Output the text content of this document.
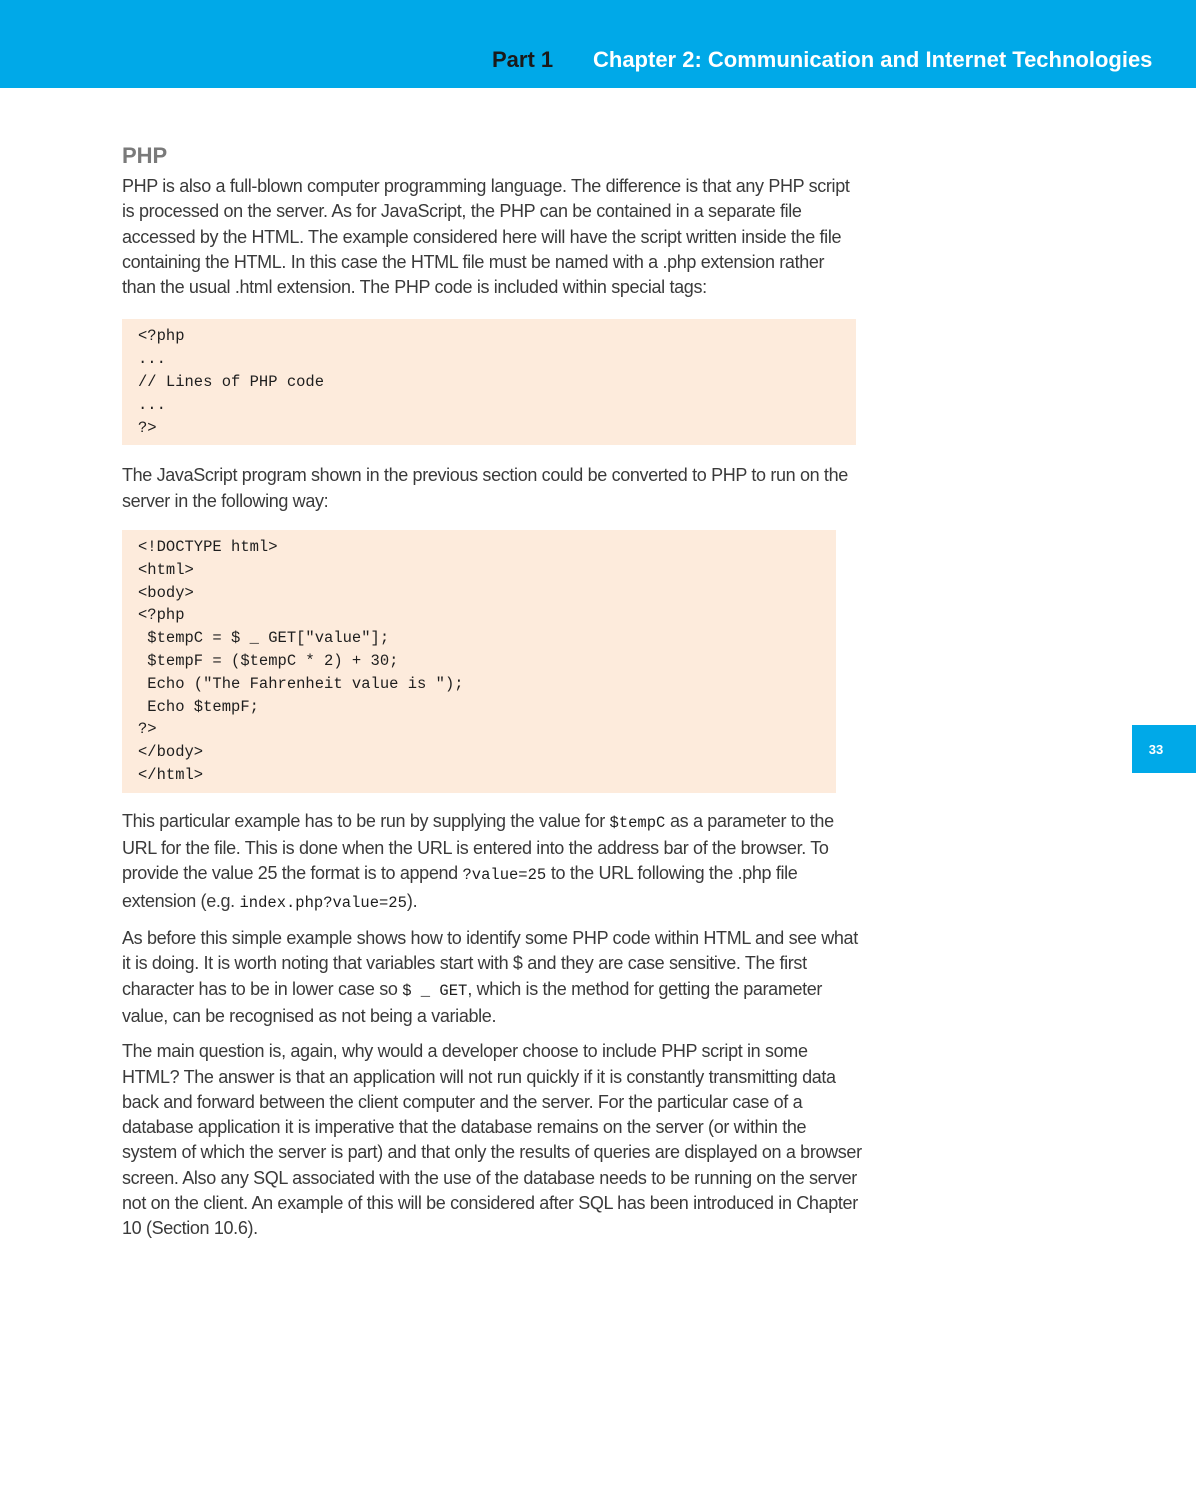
Part 1 Chapter 2: Communication and Internet Technologies
33
PHP

PHP is also a full-blown computer programming language. The difference is that any PHP script is processed on the server. As for JavaScript, the PHP can be contained in a separate file accessed by the HTML. The example considered here will have the script written inside the file containing the HTML. In this case the HTML file must be named with a .php extension rather than the usual .html extension. The PHP code is included within special tags:

<?php
...
// Lines of PHP code
...
?>

The JavaScript program shown in the previous section could be converted to PHP to run on the server in the following way:

<!DOCTYPE html>
<html>
<body>
<?php
$tempC = $ _ GET["value"];
$tempF = ($tempC * 2) + 30;
Echo ("The Fahrenheit value is ");
Echo $tempF;
?>
</body>
</html>

This particular example has to be run by supplying the value for $tempC as a parameter to the URL for the file. This is done when the URL is entered into the address bar of the browser. To provide the value 25 the format is to append ?value=25 to the URL following the .php file extension (e.g. index.php?value=25).

As before this simple example shows how to identify some PHP code within HTML and see what it is doing. It is worth noting that variables start with $ and they are case sensitive. The first character has to be in lower case so $ _ GET, which is the method for getting the parameter value, can be recognised as not being a variable.

The main question is, again, why would a developer choose to include PHP script in some HTML? The answer is that an application will not run quickly if it is constantly transmitting data back and forward between the client computer and the server. For the particular case of a database application it is imperative that the database remains on the server (or within the system of which the server is part) and that only the results of queries are displayed on a browser screen. Also any SQL associated with the use of the database needs to be running on the server not on the client. An example of this will be considered after SQL has been introduced in Chapter 10 (Section 10.6).
